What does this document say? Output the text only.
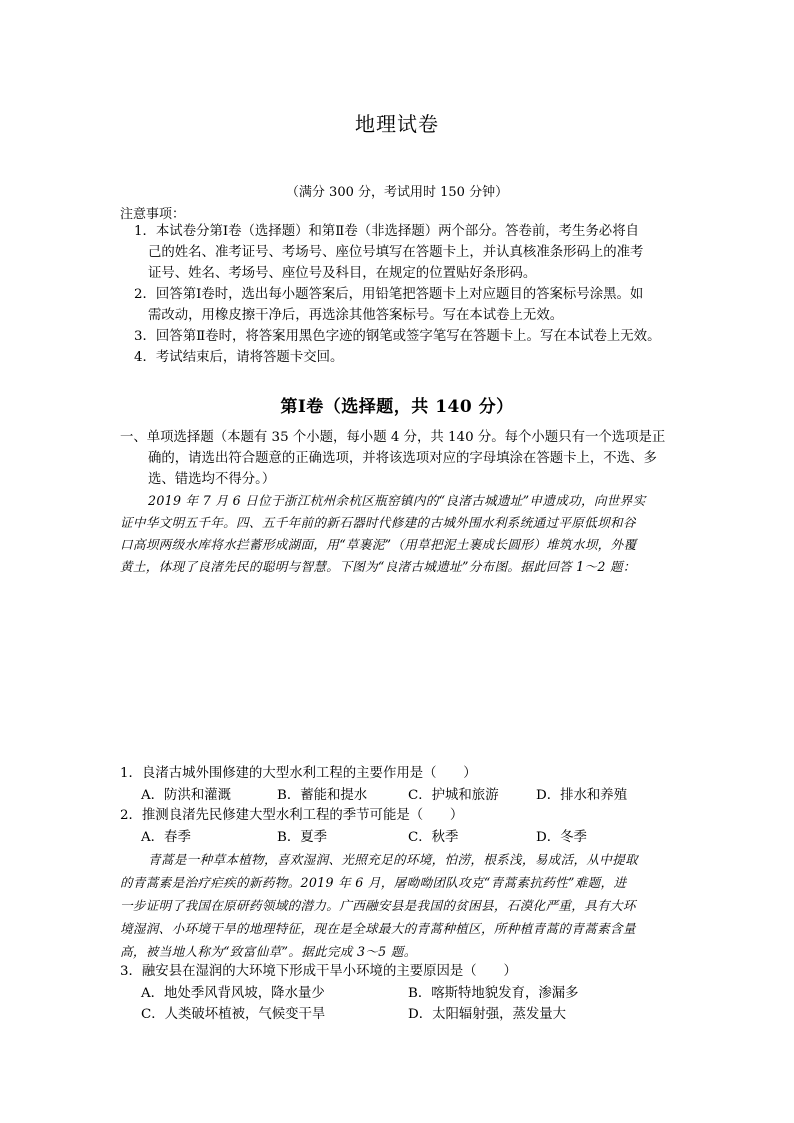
地理试卷
（满分 300 分，考试用时 150 分钟）
注意事项：
1．本试卷分第Ⅰ卷（选择题）和第Ⅱ卷（非选择题）两个部分。答卷前，考生务必将自
己的姓名、准考证号、考场号、座位号填写在答题卡上，并认真核准条形码上的准考
证号、姓名、考场号、座位号及科目，在规定的位置贴好条形码。
2．回答第Ⅰ卷时，选出每小题答案后，用铅笔把答题卡上对应题目的答案标号涂黑。如
需改动，用橡皮擦干净后，再选涂其他答案标号。写在本试卷上无效。
3．回答第Ⅱ卷时，将答案用黑色字迹的钢笔或签字笔写在答题卡上。写在本试卷上无效。
4．考试结束后，请将答题卡交回。
第Ⅰ卷（选择题，共 140 分）
一、单项选择题（本题有 35 个小题，每小题 4 分，共 140 分。每个小题只有一个选项是正
确的，请选出符合题意的正确选项，并将该选项对应的字母填涂在答题卡上，不选、多
选、错选均不得分。）
2019 年 7 月 6 日位于浙江杭州余杭区瓶窑镇内的“良渚古城遗址”申遗成功，向世界实
证中华文明五千年。四、五千年前的新石器时代修建的古城外围水利系统通过平原低坝和谷
口高坝两级水库将水拦蓄形成湖面，用“草裹泥”（用草把泥土裹成长圆形）堆筑水坝，外覆
黄土，体现了良渚先民的聪明与智慧。下图为“良渚古城遗址”分布图。据此回答 1～2 题：
1．良渚古城外围修建的大型水利工程的主要作用是（　　）
A．防洪和灌溉	B．蓄能和提水	C．护城和旅游	D．排水和养殖
2．推测良渚先民修建大型水利工程的季节可能是（　　）
A．春季	B．夏季	C．秋季	D．冬季
青蒿是一种草本植物，喜欢湿润、光照充足的环境，怕涝，根系浅，易成活，从中提取
的青蒿素是治疗疟疾的新药物。2019 年 6 月，屠呦呦团队攻克“青蒿素抗药性”难题，进
一步证明了我国在原研药领域的潜力。广西融安县是我国的贫困县，石漠化严重，具有大环
境湿润、小环境干旱的地理特征，现在是全球最大的青蒿种植区，所种植青蒿的青蒿素含量
高，被当地人称为“致富仙草”。据此完成 3～5 题。
3．融安县在湿润的大环境下形成干旱小环境的主要原因是（　　）
A．地处季风背风坡，降水量少	B．喀斯特地貌发育，渗漏多
C．人类破坏植被，气候变干旱	D．太阳辐射强，蒸发量大
